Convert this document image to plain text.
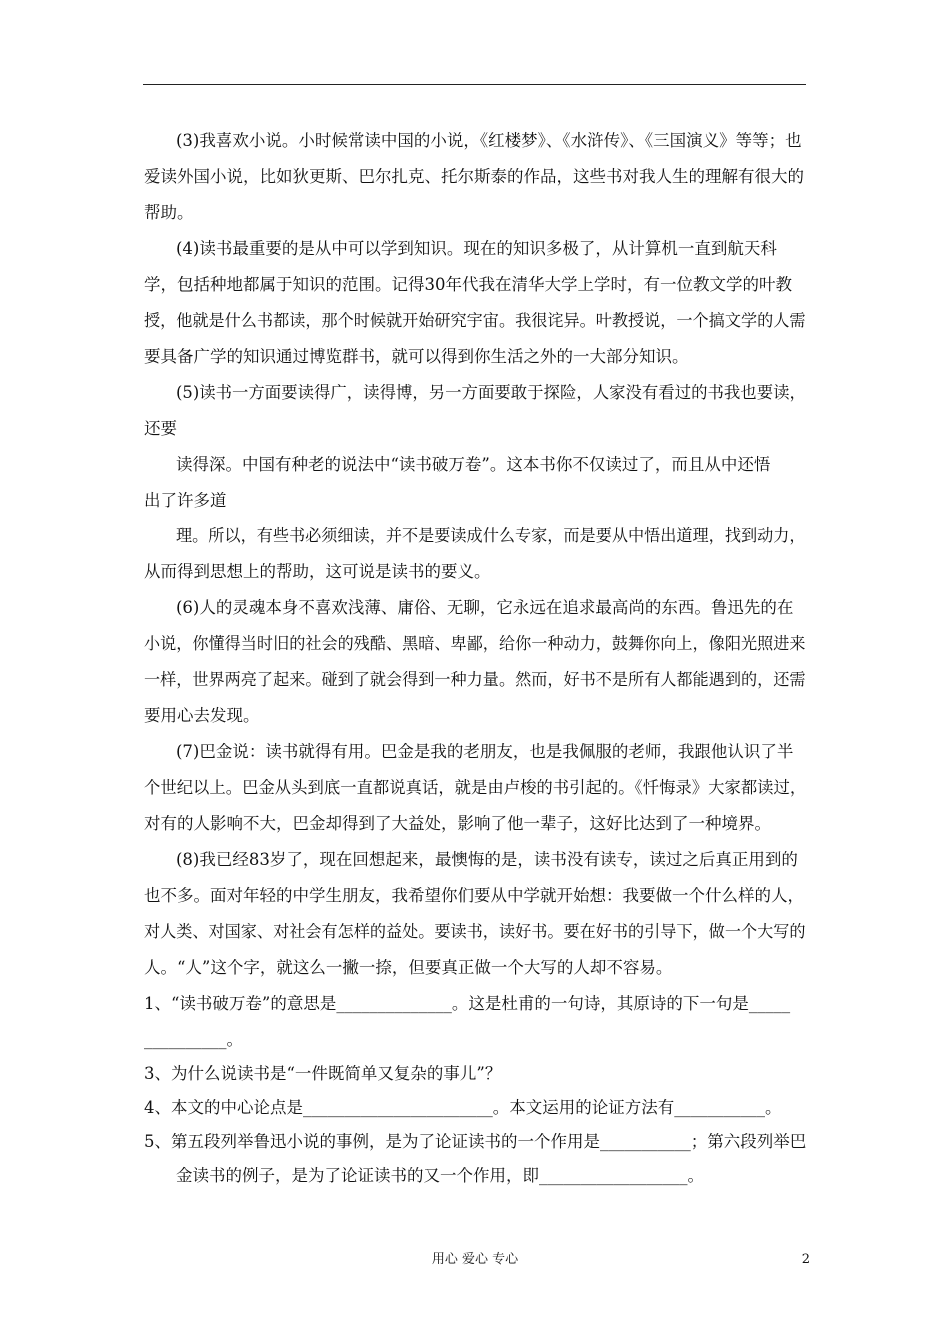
(3)我喜欢小说。小时候常读中国的小说，《红楼梦》、《水浒传》、《三国演义》等等；也
爱读外国小说，比如狄更斯、巴尔扎克、托尔斯泰的作品，这些书对我人生的理解有很大的
帮助。
(4)读书最重要的是从中可以学到知识。现在的知识多极了，从计算机一直到航天科
学，包括种地都属于知识的范围。记得30年代我在清华大学上学时，有一位教文学的叶教
授，他就是什么书都读，那个时候就开始研究宇宙。我很诧异。叶教授说，一个搞文学的人需
要具备广学的知识通过博览群书，就可以得到你生活之外的一大部分知识。
(5)读书一方面要读得广，读得博，另一方面要敢于探险，人家没有看过的书我也要读，
还要
读得深。中国有种老的说法中“读书破万卷”。这本书你不仅读过了，而且从中还悟
出了许多道
理。所以，有些书必须细读，并不是要读成什么专家，而是要从中悟出道理，找到动力，
从而得到思想上的帮助，这可说是读书的要义。
(6)人的灵魂本身不喜欢浅薄、庸俗、无聊，它永远在追求最高尚的东西。鲁迅先的在
小说，你懂得当时旧的社会的残酷、黑暗、卑鄙，给你一种动力，鼓舞你向上，像阳光照进来
一样，世界两亮了起来。碰到了就会得到一种力量。然而，好书不是所有人都能遇到的，还需
要用心去发现。
(7)巴金说：读书就得有用。巴金是我的老朋友，也是我佩服的老师，我跟他认识了半
个世纪以上。巴金从头到底一直都说真话，就是由卢梭的书引起的。《忏悔录》大家都读过，
对有的人影响不大，巴金却得到了大益处，影响了他一辈子，这好比达到了一种境界。
(8)我已经83岁了，现在回想起来，最懊悔的是，读书没有读专，读过之后真正用到的
也不多。面对年轻的中学生朋友，我希望你们要从中学就开始想：我要做一个什么样的人，
对人类、对国家、对社会有怎样的益处。要读书，读好书。要在好书的引导下，做一个大写的
人。“人”这个字，就这么一撇一捺，但要真正做一个大写的人却不容易。
1、“读书破万卷”的意思是______________。这是杜甫的一句诗，其原诗的下一句是_____
__________。
3、为什么说读书是“一件既简单又复杂的事儿”？
4、本文的中心论点是_______________________。本文运用的论证方法有___________。
5、第五段列举鲁迅小说的事例，是为了论证读书的一个作用是___________；第六段列举巴
金读书的例子，是为了论证读书的又一个作用，即__________________。
用心 爱心 专心	2
